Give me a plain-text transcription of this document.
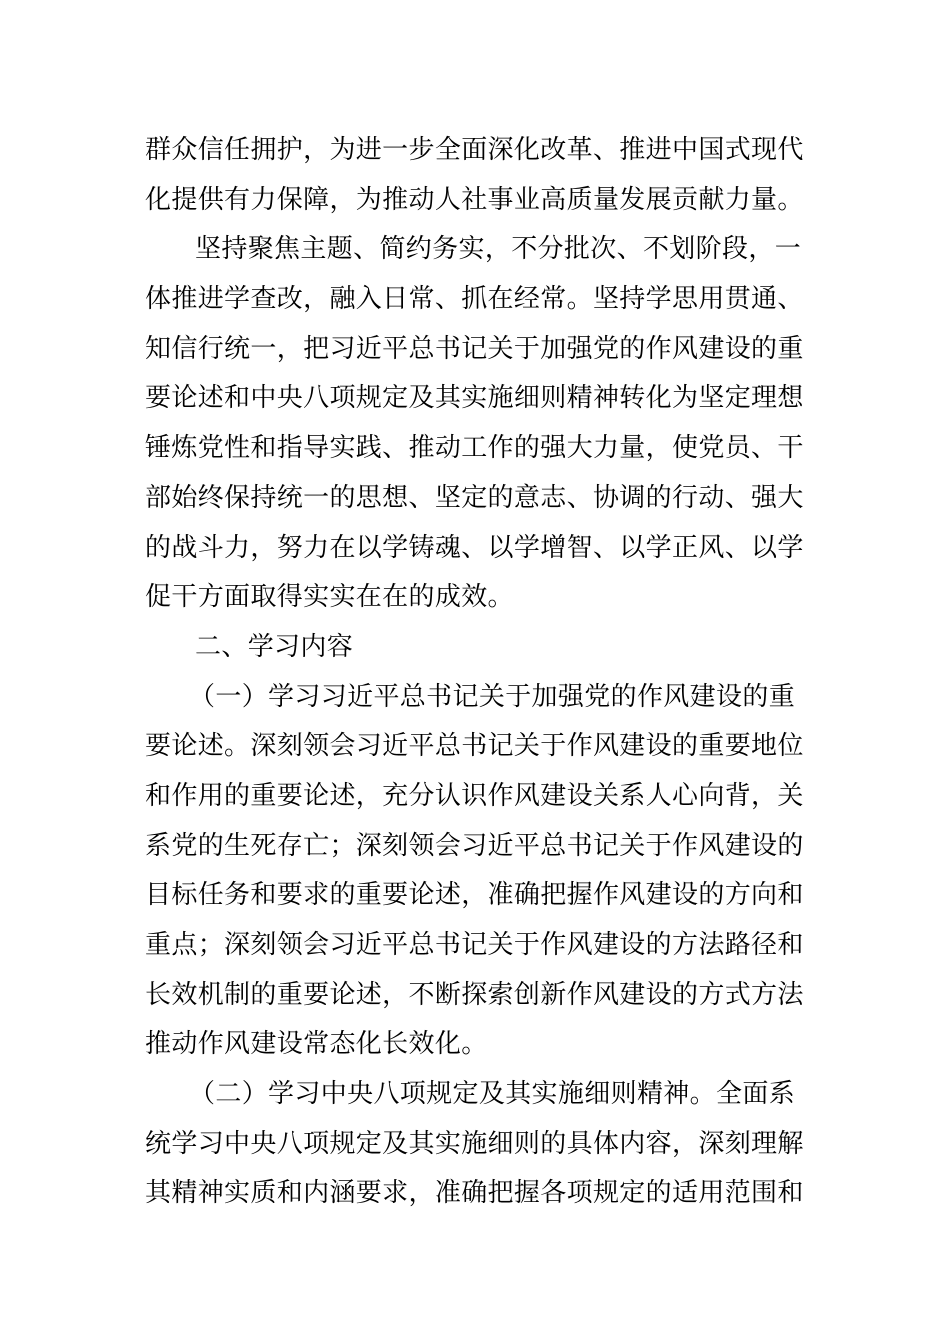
群众信任拥护，为进一步全面深化改革、推进中国式现代
化提供有力保障，为推动人社事业高质量发展贡献力量。
坚持聚焦主题、简约务实，不分批次、不划阶段，一
体推进学查改，融入日常、抓在经常。坚持学思用贯通、
知信行统一，把习近平总书记关于加强党的作风建设的重
要论述和中央八项规定及其实施细则精神转化为坚定理想
锤炼党性和指导实践、推动工作的强大力量，使党员、干
部始终保持统一的思想、坚定的意志、协调的行动、强大
的战斗力，努力在以学铸魂、以学增智、以学正风、以学
促干方面取得实实在在的成效。
二、学习内容
（一）学习习近平总书记关于加强党的作风建设的重
要论述。深刻领会习近平总书记关于作风建设的重要地位
和作用的重要论述，充分认识作风建设关系人心向背，关
系党的生死存亡；深刻领会习近平总书记关于作风建设的
目标任务和要求的重要论述，准确把握作风建设的方向和
重点；深刻领会习近平总书记关于作风建设的方法路径和
长效机制的重要论述，不断探索创新作风建设的方式方法
推动作风建设常态化长效化。
（二）学习中央八项规定及其实施细则精神。全面系
统学习中央八项规定及其实施细则的具体内容，深刻理解
其精神实质和内涵要求，准确把握各项规定的适用范围和
